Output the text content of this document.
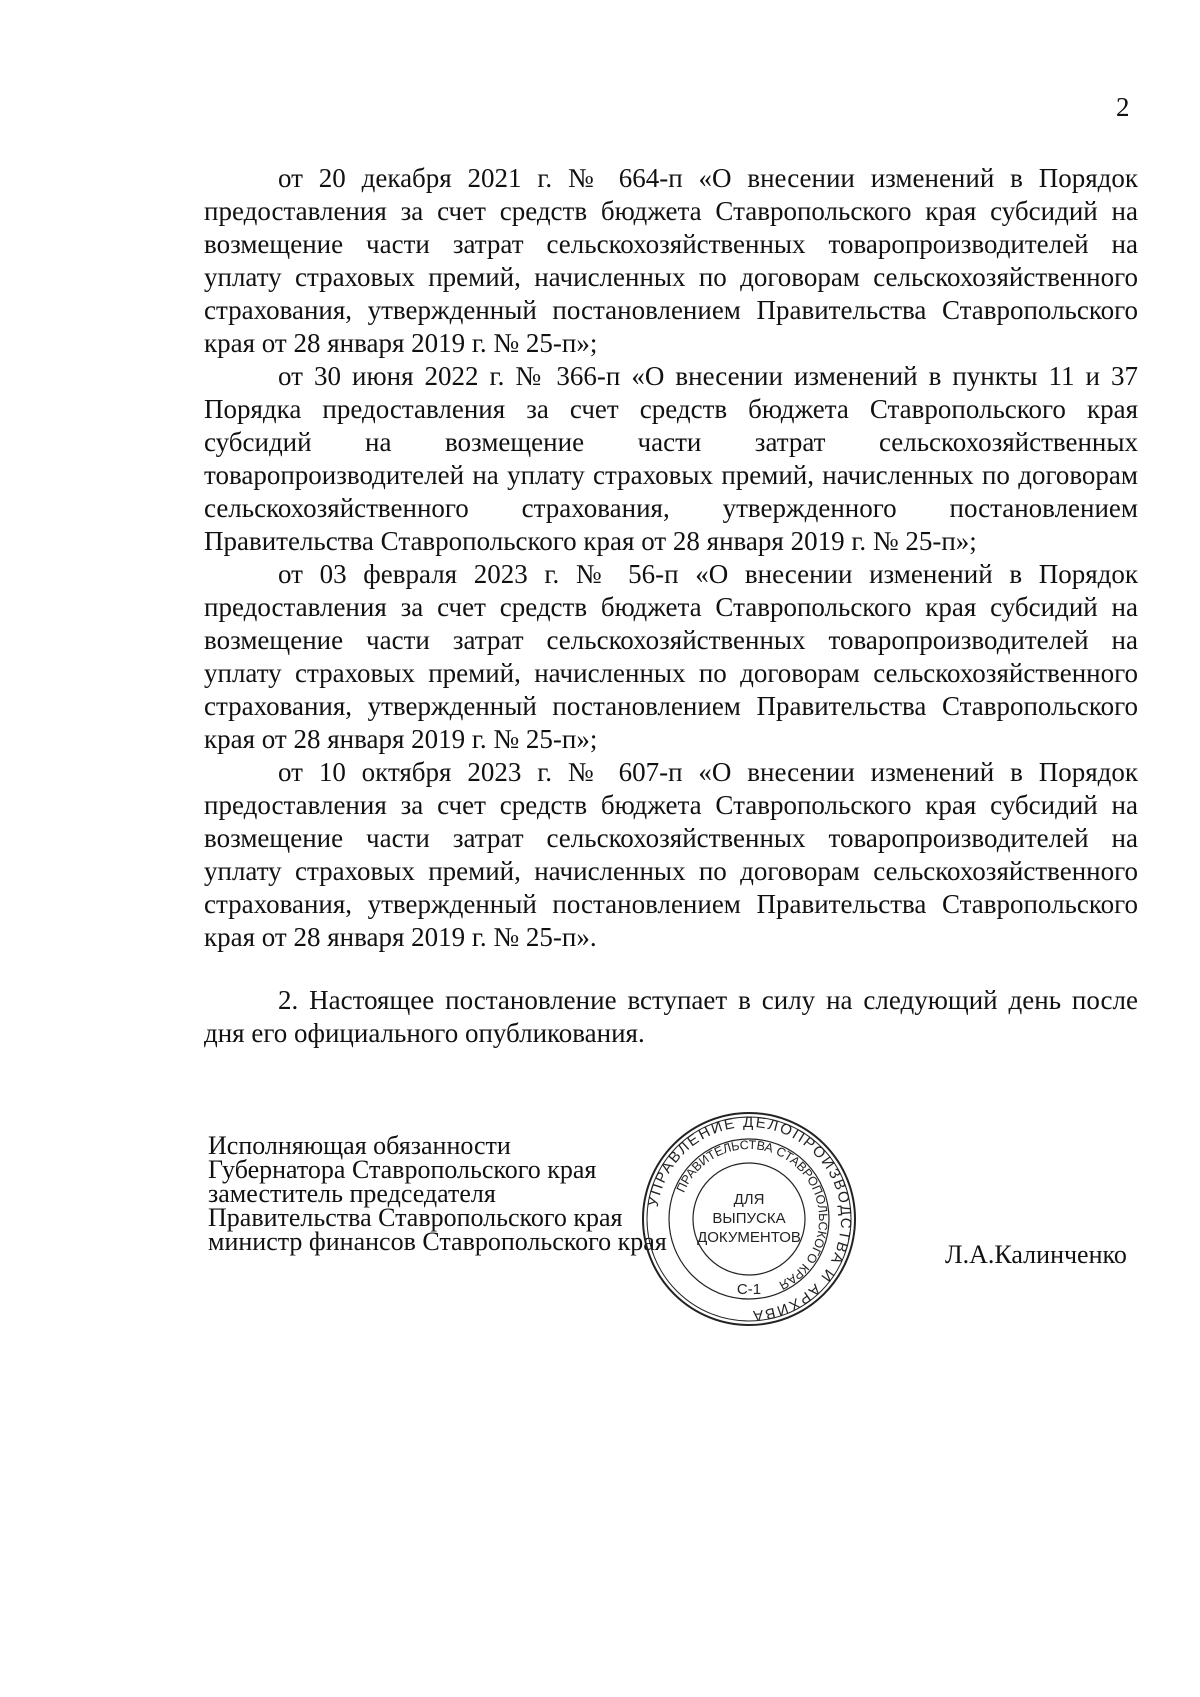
2

от 20 декабря 2021 г. № 664-п «О внесении изменений в Порядок предоставления за счет средств бюджета Ставропольского края субсидий на возмещение части затрат сельскохозяйственных товаропроизводителей на уплату страховых премий, начисленных по договорам сельскохозяйственного страхования, утвержденный постановлением Правительства Ставропольского края от 28 января 2019 г. № 25-п»;

от 30 июня 2022 г. № 366-п «О внесении изменений в пункты 11 и 37 Порядка предоставления за счет средств бюджета Ставропольского края субсидий на возмещение части затрат сельскохозяйственных товаропроизводителей на уплату страховых премий, начисленных по договорам сельскохозяйственного страхования, утвержденного постановлением Правительства Ставропольского края от 28 января 2019 г. № 25-п»;

от 03 февраля 2023 г. № 56-п «О внесении изменений в Порядок предоставления за счет средств бюджета Ставропольского края субсидий на возмещение части затрат сельскохозяйственных товаропроизводителей на уплату страховых премий, начисленных по договорам сельскохозяйственного страхования, утвержденный постановлением Правительства Ставропольского края от 28 января 2019 г. № 25-п»;

от 10 октября 2023 г. № 607-п «О внесении изменений в Порядок предоставления за счет средств бюджета Ставропольского края субсидий на возмещение части затрат сельскохозяйственных товаропроизводителей на уплату страховых премий, начисленных по договорам сельскохозяйственного страхования, утвержденный постановлением Правительства Ставропольского края от 28 января 2019 г. № 25-п».

2. Настоящее постановление вступает в силу на следующий день после дня его официального опубликования.

Исполняющая обязанности
Губернатора Ставропольского края
заместитель председателя
Правительства Ставропольского края
министр финансов Ставропольского края	Л.А.Калинченко
УПРАВЛЕНИЕ ДЕЛОПРОИЗВОДСТВА И АРХИВА
ПРАВИТЕЛЬСТВА СТАВРОПОЛЬСКОГО КРАЯ
ДЛЯ
ВЫПУСКА
ДОКУМЕНТОВ
С-1
